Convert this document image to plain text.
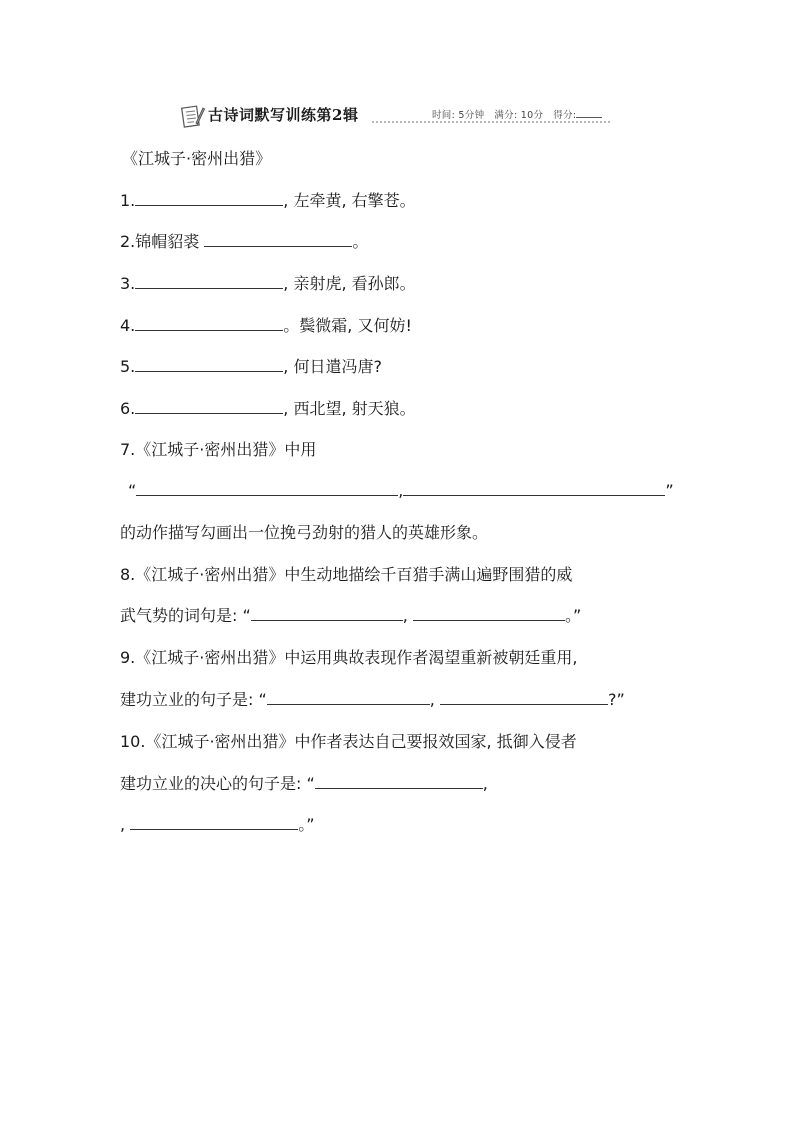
古诗词默写训练第2辑	时间: 5分钟 满分: 10分 得分:
《江城子·密州出猎》
1.	, 左牵黄, 右擎苍。
2.锦帽貂裘	。
3.	, 亲射虎, 看孙郎。
4.	。鬓微霜, 又何妨!
5.	, 何日遣冯唐?
6.	, 西北望, 射天狼。
7.《江城子·密州出猎》中用
“	,	”
的动作描写勾画出一位挽弓劲射的猎人的英雄形象。
8.《江城子·密州出猎》中生动地描绘千百猎手满山遍野围猎的威
武气势的词句是: “	,	。”
9.《江城子·密州出猎》中运用典故表现作者渴望重新被朝廷重用,
建功立业的句子是: “	,	?”
10.《江城子·密州出猎》中作者表达自己要报效国家, 抵御入侵者
建功立业的决心的句子是: “	,
,	。”
